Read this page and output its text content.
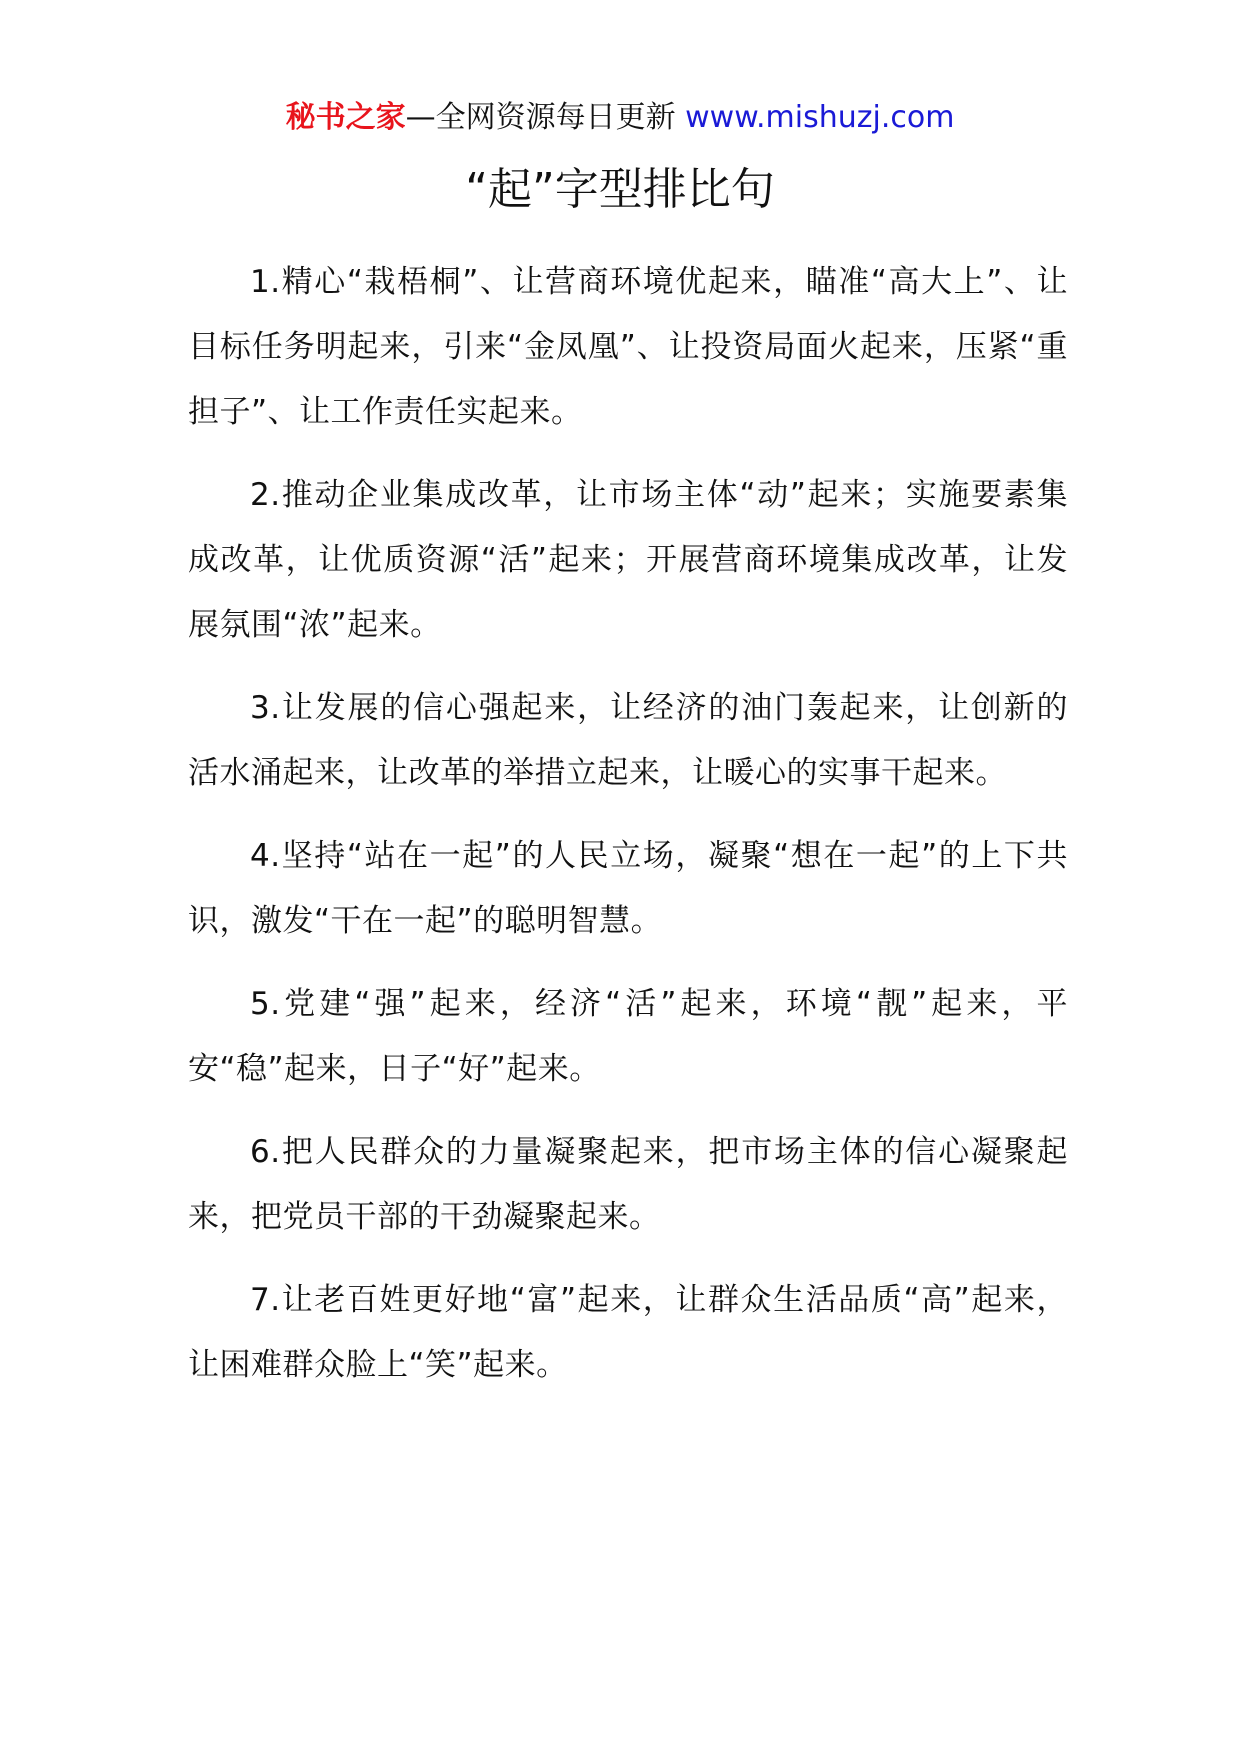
秘书之家—全网资源每日更新 www.mishuzj.com
“起”字型排比句

1.精心“栽梧桐”、让营商环境优起来，瞄准“高大上”、让目标任务明起来，引来“金凤凰”、让投资局面火起来，压紧“重担子”、让工作责任实起来。

2.推动企业集成改革，让市场主体“动”起来；实施要素集成改革，让优质资源“活”起来；开展营商环境集成改革，让发展氛围“浓”起来。

3.让发展的信心强起来，让经济的油门轰起来，让创新的活水涌起来，让改革的举措立起来，让暖心的实事干起来。

4.坚持“站在一起”的人民立场，凝聚“想在一起”的上下共识，激发“干在一起”的聪明智慧。

5.党建“强”起来，经济“活”起来，环境“靓”起来，平安“稳”起来，日子“好”起来。

6.把人民群众的力量凝聚起来，把市场主体的信心凝聚起来，把党员干部的干劲凝聚起来。

7.让老百姓更好地“富”起来，让群众生活品质“高”起来，让困难群众脸上“笑”起来。
